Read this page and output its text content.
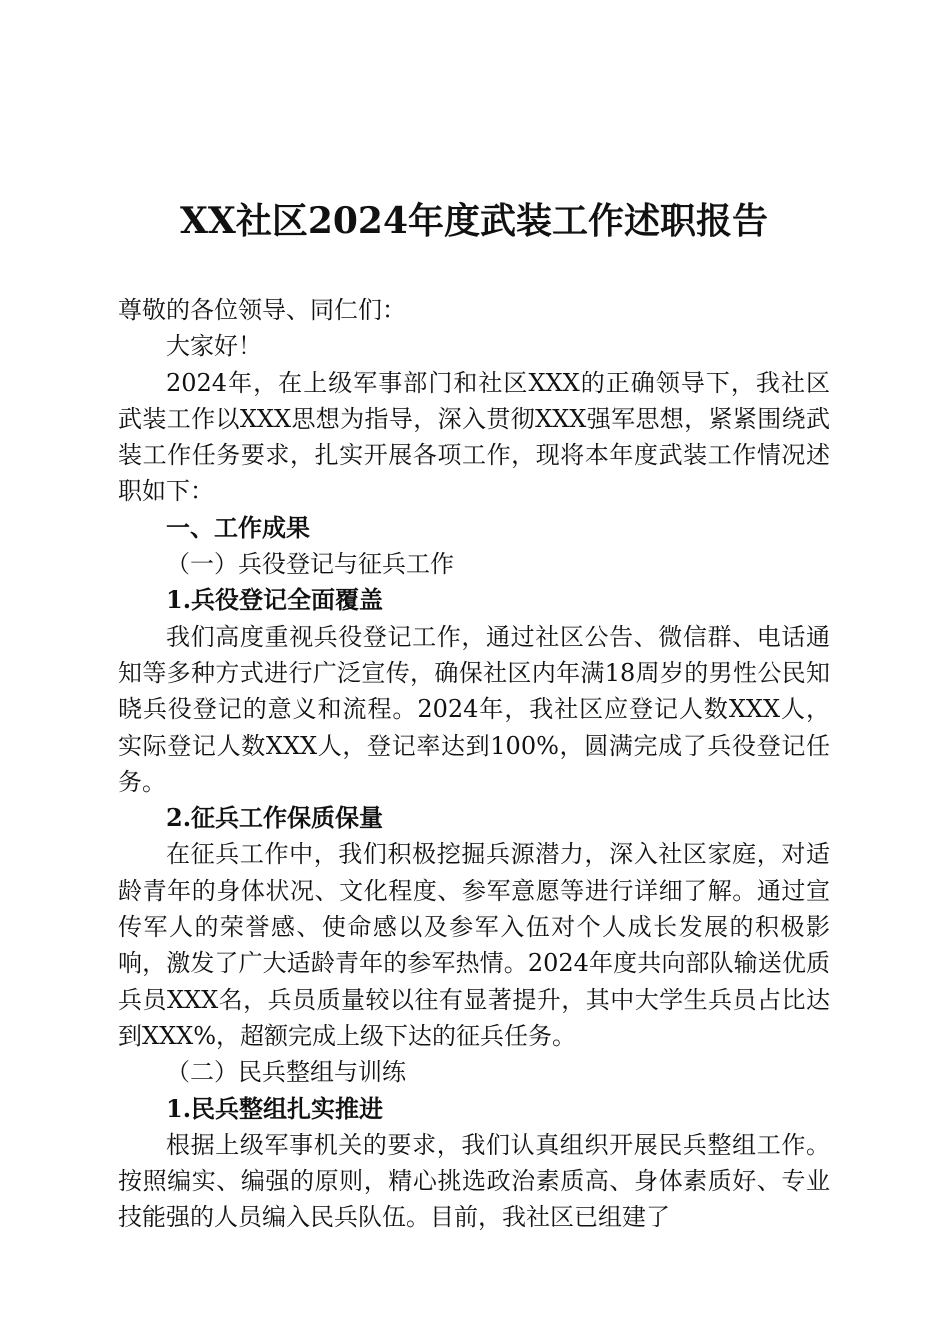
XX社区2024年度武装工作述职报告

尊敬的各位领导、同仁们：

大家好！

2024年，在上级军事部门和社区XXX的正确领导下，我社区武装工作以XXX思想为指导，深入贯彻XXX强军思想，紧紧围绕武装工作任务要求，扎实开展各项工作，现将本年度武装工作情况述职如下：

一、工作成果

（一）兵役登记与征兵工作

1.兵役登记全面覆盖

我们高度重视兵役登记工作，通过社区公告、微信群、电话通知等多种方式进行广泛宣传，确保社区内年满18周岁的男性公民知晓兵役登记的意义和流程。2024年，我社区应登记人数XXX人，实际登记人数XXX人，登记率达到100%，圆满完成了兵役登记任务。

2.征兵工作保质保量

在征兵工作中，我们积极挖掘兵源潜力，深入社区家庭，对适龄青年的身体状况、文化程度、参军意愿等进行详细了解。通过宣传军人的荣誉感、使命感以及参军入伍对个人成长发展的积极影响，激发了广大适龄青年的参军热情。2024年度共向部队输送优质兵员XXX名，兵员质量较以往有显著提升，其中大学生兵员占比达到XXX%，超额完成上级下达的征兵任务。

（二）民兵整组与训练

1.民兵整组扎实推进

根据上级军事机关的要求，我们认真组织开展民兵整组工作。按照编实、编强的原则，精心挑选政治素质高、身体素质好、专业技能强的人员编入民兵队伍。目前，我社区已组建了
